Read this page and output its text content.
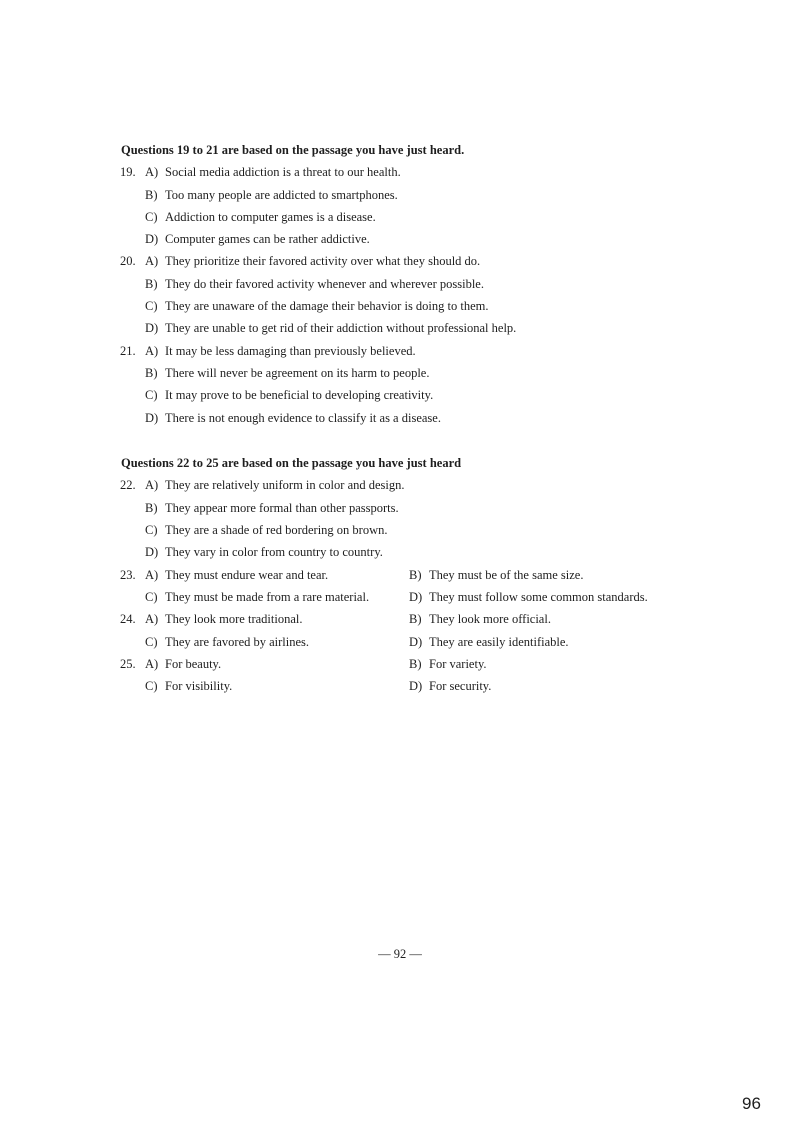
Questions 19 to 21 are based on the passage you have just heard.
19. A) Social media addiction is a threat to our health.
B) Too many people are addicted to smartphones.
C) Addiction to computer games is a disease.
D) Computer games can be rather addictive.
20. A) They prioritize their favored activity over what they should do.
B) They do their favored activity whenever and wherever possible.
C) They are unaware of the damage their behavior is doing to them.
D) They are unable to get rid of their addiction without professional help.
21. A) It may be less damaging than previously believed.
B) There will never be agreement on its harm to people.
C) It may prove to be beneficial to developing creativity.
D) There is not enough evidence to classify it as a disease.
Questions 22 to 25 are based on the passage you have just heard
22. A) They are relatively uniform in color and design.
B) They appear more formal than other passports.
C) They are a shade of red bordering on brown.
D) They vary in color from country to country.
23. A) They must endure wear and tear.	B) They must be of the same size.
C) They must be made from a rare material.	D) They must follow some common standards.
24. A) They look more traditional.	B) They look more official.
C) They are favored by airlines.	D) They are easily identifiable.
25. A) For beauty.	B) For variety.
C) For visibility.	D) For security.
— 92 —
96
